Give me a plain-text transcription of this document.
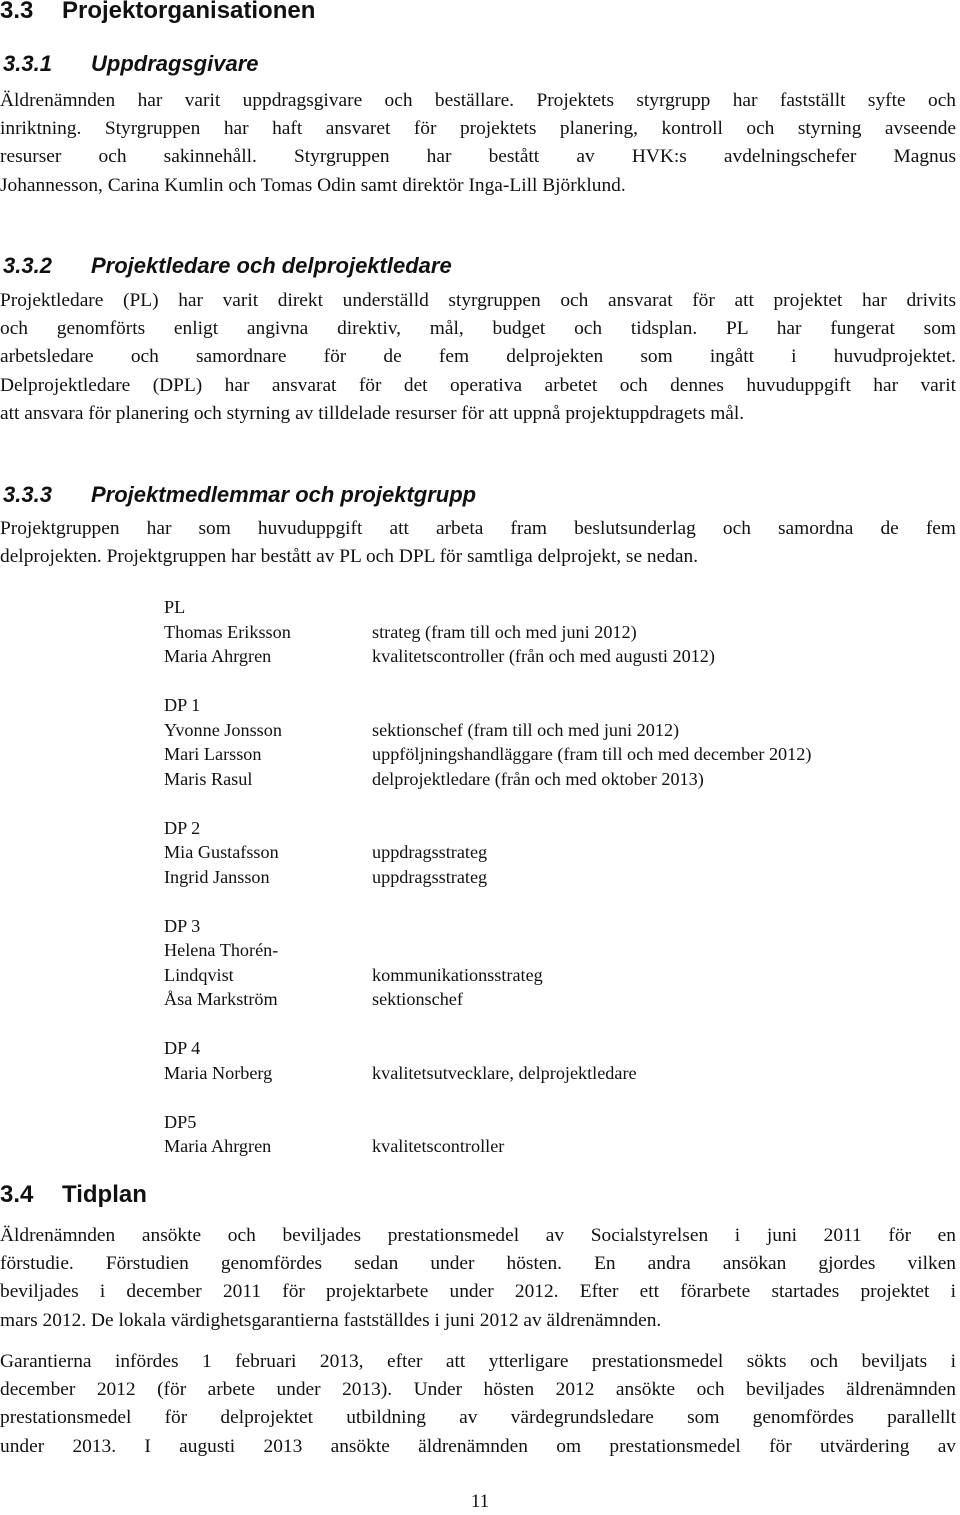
3.3 Projektorganisationen
3.3.1 Uppdragsgivare

Äldrenämnden har varit uppdragsgivare och beställare. Projektets styrgrupp har fastställt syfte och
inriktning. Styrgruppen har haft ansvaret för projektets planering, kontroll och styrning avseende
resurser och sakinnehåll. Styrgruppen har bestått av HVK:s avdelningschefer Magnus
Johannesson, Carina Kumlin och Tomas Odin samt direktör Inga-Lill Björklund.

3.3.2 Projektledare och delprojektledare

Projektledare (PL) har varit direkt underställd styrgruppen och ansvarat för att projektet har drivits
och genomförts enligt angivna direktiv, mål, budget och tidsplan. PL har fungerat som
arbetsledare och samordnare för de fem delprojekten som ingått i huvudprojektet.
Delprojektledare (DPL) har ansvarat för det operativa arbetet och dennes huvuduppgift har varit
att ansvara för planering och styrning av tilldelade resurser för att uppnå projektuppdragets mål.

3.3.3 Projektmedlemmar och projektgrupp

Projektgruppen har som huvuduppgift att arbeta fram beslutsunderlag och samordna de fem
delprojekten. Projektgruppen har bestått av PL och DPL för samtliga delprojekt, se nedan.

PL
Thomas Eriksson	strateg (fram till och med juni 2012)
Maria Ahrgren	kvalitetscontroller (från och med augusti 2012)
DP 1
Yvonne Jonsson	sektionschef (fram till och med juni 2012)
Mari Larsson	uppföljningshandläggare (fram till och med december 2012)
Maris Rasul	delprojektledare (från och med oktober 2013)
DP 2
Mia Gustafsson	uppdragsstrateg
Ingrid Jansson	uppdragsstrateg
DP 3
Helena Thorén-
Lindqvist	kommunikationsstrateg
Åsa Markström	sektionschef
DP 4
Maria Norberg	kvalitetsutvecklare, delprojektledare
DP5
Maria Ahrgren	kvalitetscontroller
3.4 Tidplan

Äldrenämnden ansökte och beviljades prestationsmedel av Socialstyrelsen i juni 2011 för en
förstudie. Förstudien genomfördes sedan under hösten. En andra ansökan gjordes vilken
beviljades i december 2011 för projektarbete under 2012. Efter ett förarbete startades projektet i
mars 2012. De lokala värdighetsgarantierna fastställdes i juni 2012 av äldrenämnden.

Garantierna infördes 1 februari 2013, efter att ytterligare prestationsmedel sökts och beviljats i
december 2012 (för arbete under 2013). Under hösten 2012 ansökte och beviljades äldrenämnden
prestationsmedel för delprojektet utbildning av värdegrundsledare som genomfördes parallellt
under 2013. I augusti 2013 ansökte äldrenämnden om prestationsmedel för utvärdering av

11
